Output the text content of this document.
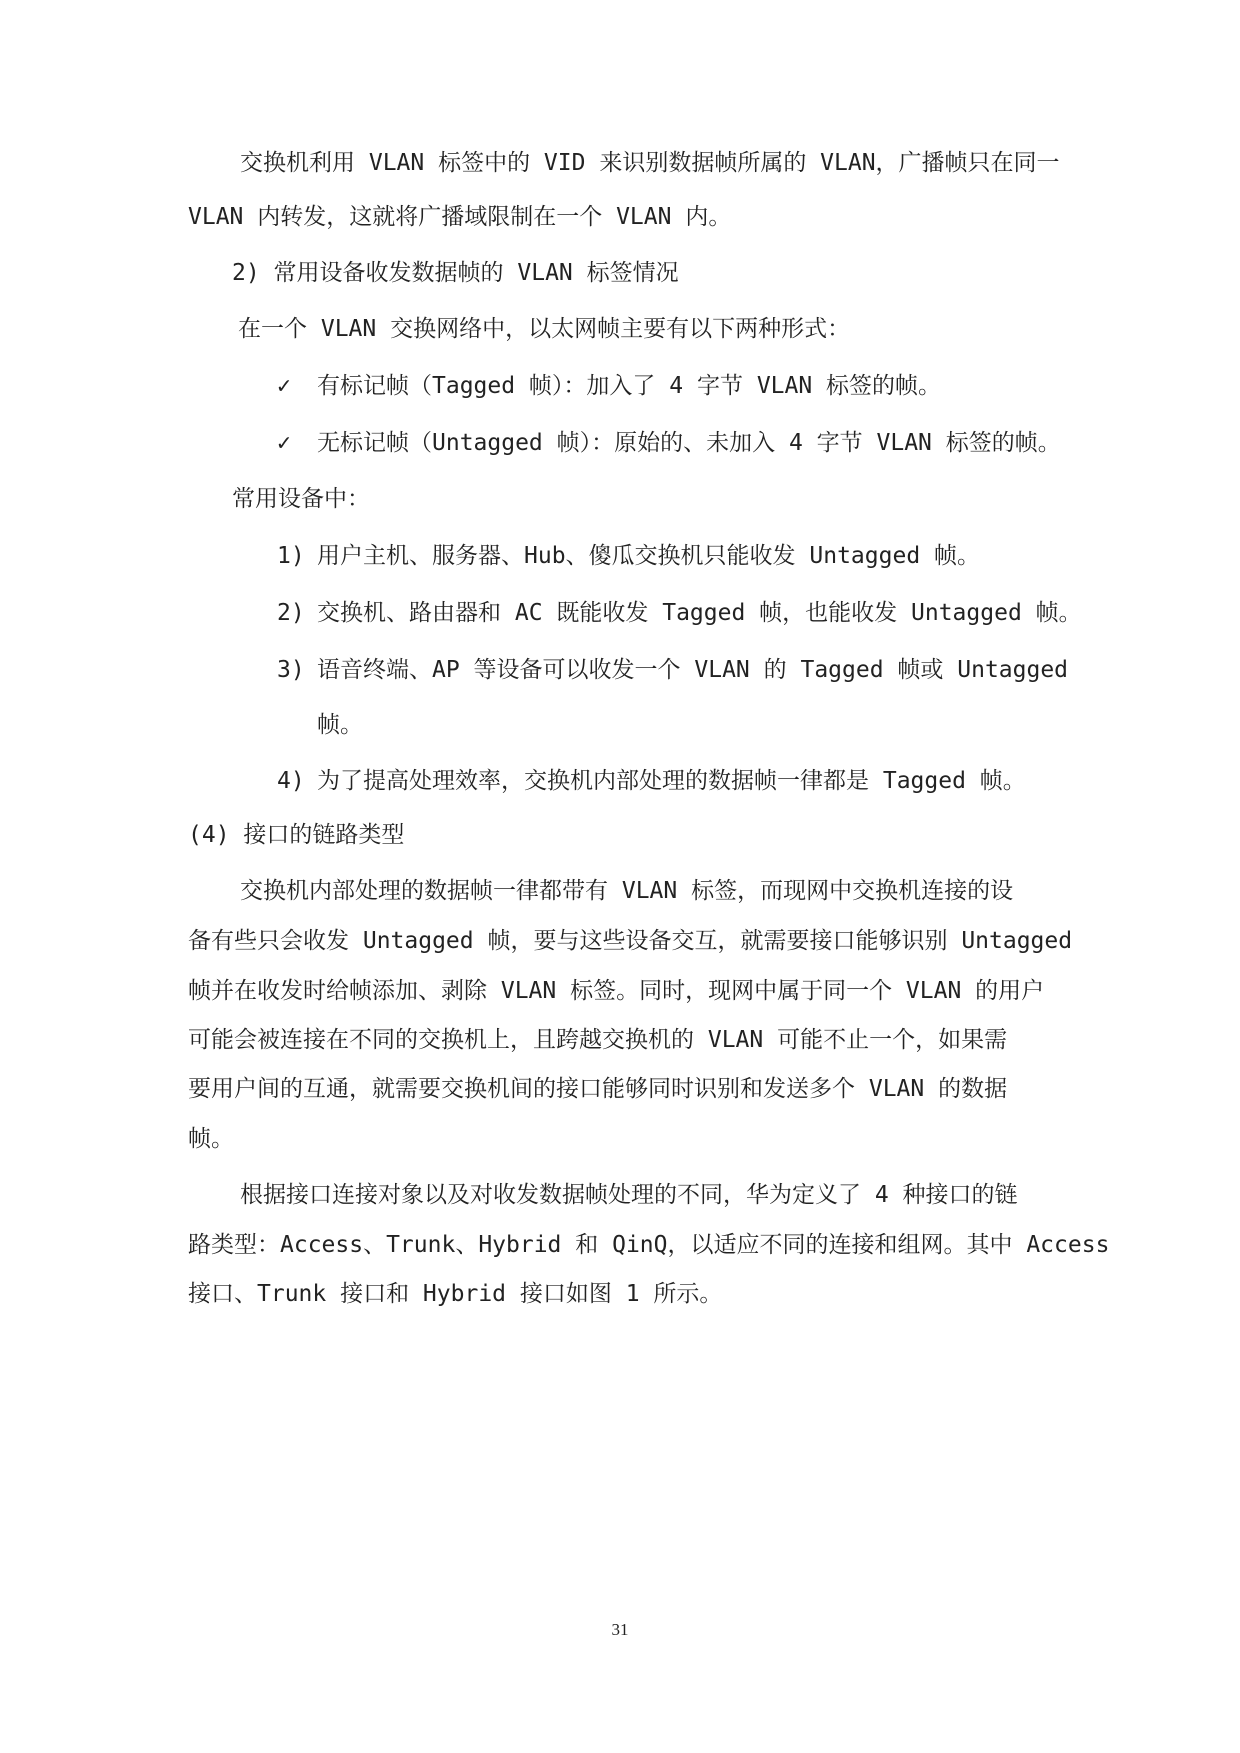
交换机利用 VLAN 标签中的 VID 来识别数据帧所属的 VLAN，广播帧只在同一
VLAN 内转发，这就将广播域限制在一个 VLAN 内。
2) 常用设备收发数据帧的 VLAN 标签情况
在一个 VLAN 交换网络中，以太网帧主要有以下两种形式：
✓ 有标记帧（Tagged 帧）：加入了 4 字节 VLAN 标签的帧。
✓ 无标记帧（Untagged 帧）：原始的、未加入 4 字节 VLAN 标签的帧。
常用设备中：
1) 用户主机、服务器、Hub、傻瓜交换机只能收发 Untagged 帧。
2) 交换机、路由器和 AC 既能收发 Tagged 帧，也能收发 Untagged 帧。
3) 语音终端、AP 等设备可以收发一个 VLAN 的 Tagged 帧或 Untagged
帧。
4) 为了提高处理效率，交换机内部处理的数据帧一律都是 Tagged 帧。
(4) 接口的链路类型
交换机内部处理的数据帧一律都带有 VLAN 标签，而现网中交换机连接的设
备有些只会收发 Untagged 帧，要与这些设备交互，就需要接口能够识别 Untagged
帧并在收发时给帧添加、剥除 VLAN 标签。同时，现网中属于同一个 VLAN 的用户
可能会被连接在不同的交换机上，且跨越交换机的 VLAN 可能不止一个，如果需
要用户间的互通，就需要交换机间的接口能够同时识别和发送多个 VLAN 的数据
帧。
根据接口连接对象以及对收发数据帧处理的不同，华为定义了 4 种接口的链
路类型：Access、Trunk、Hybrid 和 QinQ，以适应不同的连接和组网。其中 Access
接口、Trunk 接口和 Hybrid 接口如图 1 所示。
31
